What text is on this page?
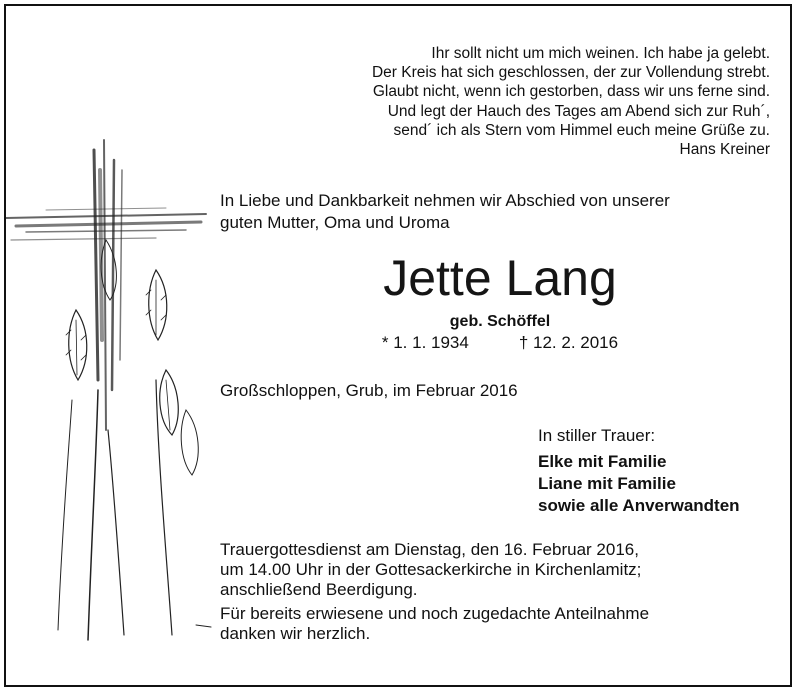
Ihr sollt nicht um mich weinen. Ich habe ja gelebt.
Der Kreis hat sich geschlossen, der zur Vollendung strebt.
Glaubt nicht, wenn ich gestorben, dass wir uns ferne sind.
Und legt der Hauch des Tages am Abend sich zur Ruh´,
send´ ich als Stern vom Himmel euch meine Grüße zu.
Hans Kreiner
In Liebe und Dankbarkeit nehmen wir Abschied von unserer
guten Mutter, Oma und Uroma
Jette Lang
geb. Schöffel
* 1. 1. 1934	† 12. 2. 2016
Großschloppen, Grub, im Februar 2016
In stiller Trauer:
Elke mit Familie
Liane mit Familie
sowie alle Anverwandten
Trauergottesdienst am Dienstag, den 16. Februar 2016,
um 14.00 Uhr in der Gottesackerkirche in Kirchenlamitz;
anschließend Beerdigung.
Für bereits erwiesene und noch zugedachte Anteilnahme
danken wir herzlich.
